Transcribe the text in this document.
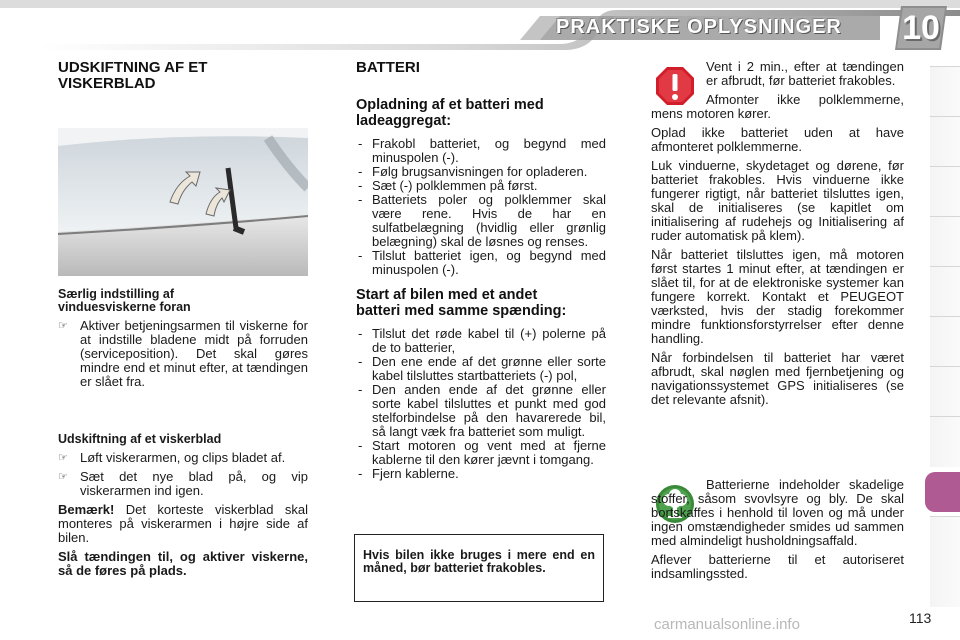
PRAKTISKE OPLYSNINGER 10
UDSKIFTNING AF ET
VISKERBLAD
Særlig indstilling af
vinduesviskerne foran
☞ Aktiver betjeningsarmen til viskerne for at indstille bladene midt på forruden (serviceposition). Det skal gøres mindre end et minut efter, at tændingen er slået fra.
Udskiftning af et viskerblad
☞ Løft viskerarmen, og clips bladet af.
☞ Sæt det nye blad på, og vip viskerarmen ind igen.

Bemærk! Det korteste viskerblad skal monteres på viskerarmen i højre side af bilen.

Slå tændingen til, og aktiver viskerne, så de føres på plads.

BATTERI
Opladning af et batteri med
ladeaggregat:
- Frakobl batteriet, og begynd med minuspolen (-).
- Følg brugsanvisningen for opladeren.
- Sæt (-) polklemmen på først.
- Batteriets poler og polklemmer skal være rene. Hvis de har en sulfatbelægning (hvidlig eller grønlig belægning) skal de løsnes og renses.
- Tilslut batteriet igen, og begynd med minuspolen (-).
Start af bilen med et andet
batteri med samme spænding:
- Tilslut det røde kabel til (+) polerne på de to batterier,
- Den ene ende af det grønne eller sorte kabel tilsluttes startbatteriets (-) pol,
- Den anden ende af det grønne eller sorte kabel tilsluttes et punkt med god stelforbindelse på den havarerede bil, så langt væk fra batteriet som muligt.
- Start motoren og vent med at fjerne kablerne til den kører jævnt i tomgang.
- Fjern kablerne.
Hvis bilen ikke bruges i mere end en måned, bør batteriet frakobles.

Vent i 2 min., efter at tændingen er afbrudt, før batteriet frakobles.

Afmonter ikke polklemmerne, mens motoren kører.

Oplad ikke batteriet uden at have afmonteret polklemmerne.

Luk vinduerne, skydetaget og dørene, før batteriet frakobles. Hvis vinduerne ikke fungerer rigtigt, når batteriet tilsluttes igen, skal de initialiseres (se kapitlet om initialisering af rudehejs og Initialisering af ruder automatisk på klem).

Når batteriet tilsluttes igen, må motoren først startes 1 minut efter, at tændingen er slået til, for at de elektroniske systemer kan fungere korrekt. Kontakt et PEUGEOT værksted, hvis der stadig forekommer mindre funktionsforstyrrelser efter denne handling.

Når forbindelsen til batteriet har været afbrudt, skal nøglen med fjernbetjening og navigationssystemet GPS initialiseres (se det relevante afsnit).

Batterierne indeholder skadelige stoffer, såsom svovlsyre og bly. De skal bortskaffes i henhold til loven og må under ingen omstændigheder smides ud sammen med almindeligt husholdningsaffald.

Aflever batterierne til et autoriseret indsamlingssted.

113
carmanualsonline.info
